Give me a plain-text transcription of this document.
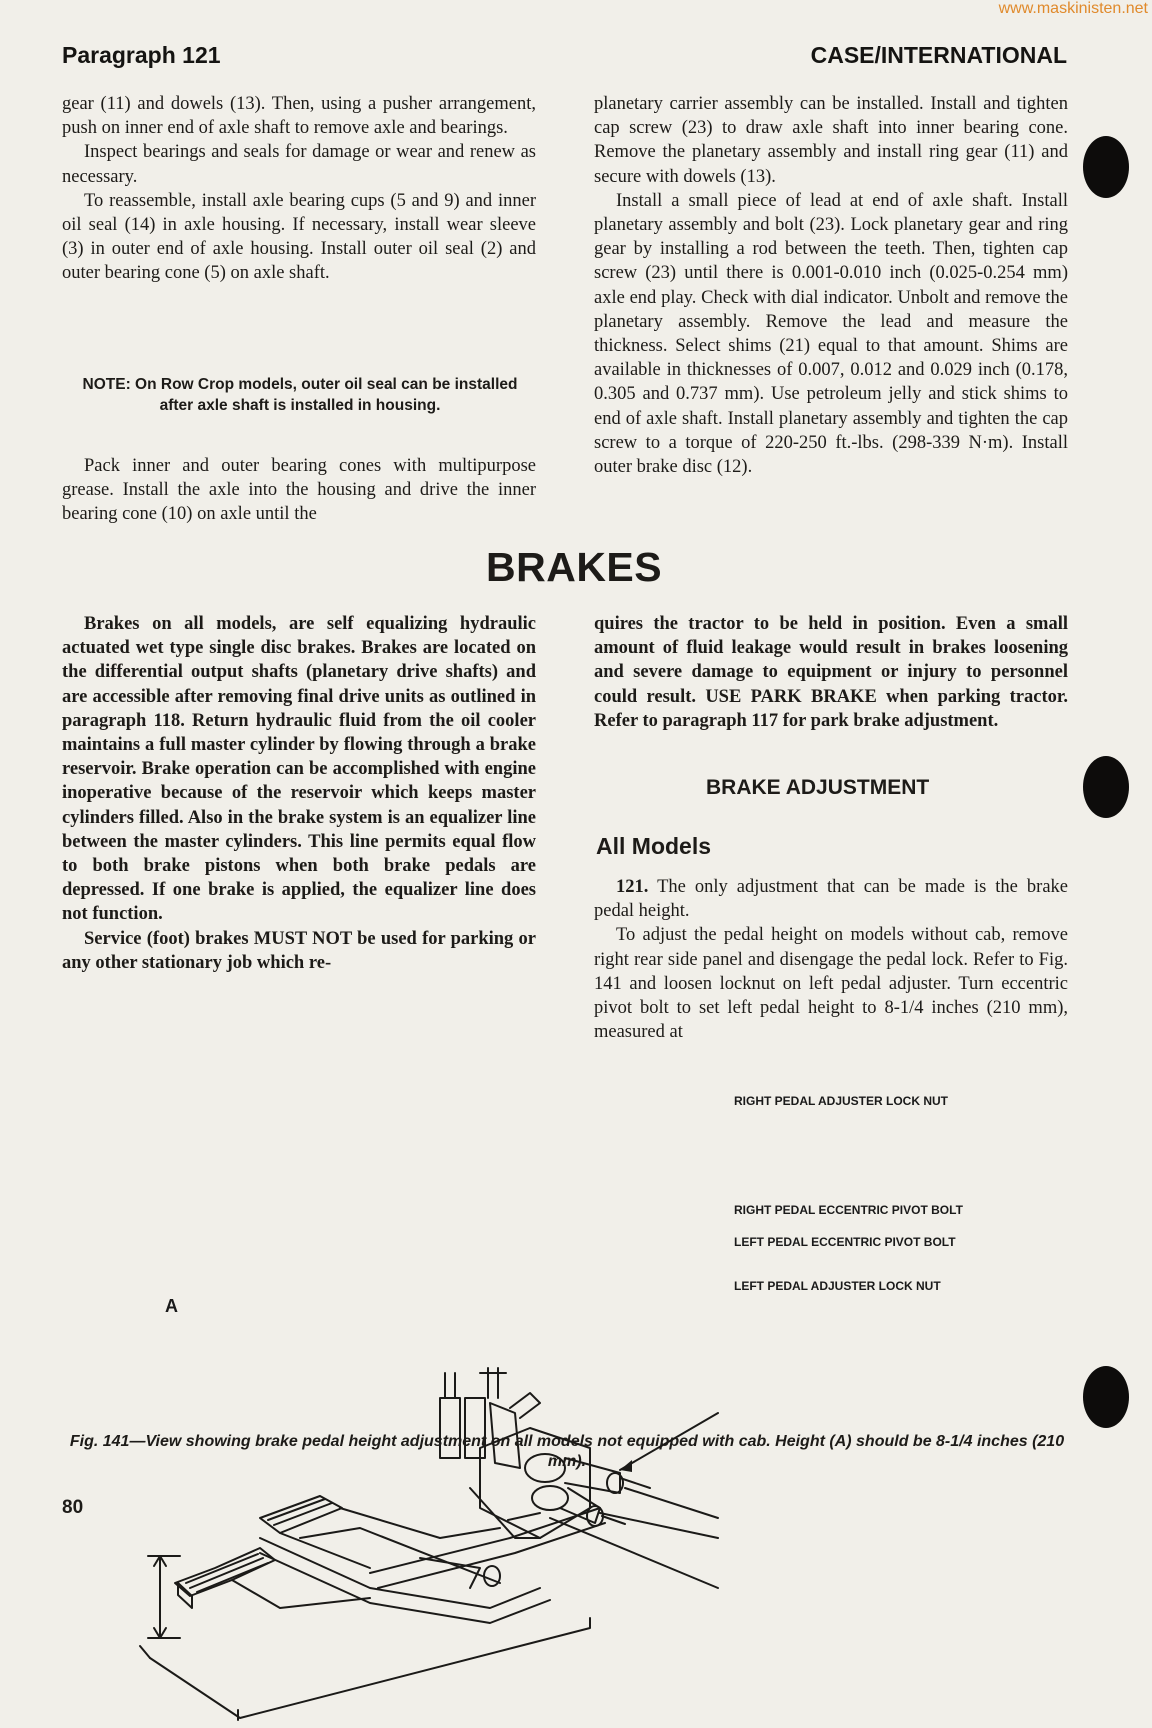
www.maskinisten.net
Paragraph 121	CASE/INTERNATIONAL

gear (11) and dowels (13). Then, using a pusher arrangement, push on inner end of axle shaft to remove axle and bearings.

Inspect bearings and seals for damage or wear and renew as necessary.

To reassemble, install axle bearing cups (5 and 9) and inner oil seal (14) in axle housing. If necessary, install wear sleeve (3) in outer end of axle housing. Install outer oil seal (2) and outer bearing cone (5) on axle shaft.

NOTE: On Row Crop models, outer oil seal can be installed after axle shaft is installed in housing.

Pack inner and outer bearing cones with multipurpose grease. Install the axle into the housing and drive the inner bearing cone (10) on axle until the

planetary carrier assembly can be installed. Install and tighten cap screw (23) to draw axle shaft into inner bearing cone. Remove the planetary assembly and install ring gear (11) and secure with dowels (13).

Install a small piece of lead at end of axle shaft. Install planetary assembly and bolt (23). Lock planetary gear and ring gear by installing a rod between the teeth. Then, tighten cap screw (23) until there is 0.001-0.010 inch (0.025-0.254 mm) axle end play. Check with dial indicator. Unbolt and remove the planetary assembly. Remove the lead and measure the thickness. Select shims (21) equal to that amount. Shims are available in thicknesses of 0.007, 0.012 and 0.029 inch (0.178, 0.305 and 0.737 mm). Use petroleum jelly and stick shims to end of axle shaft. Install planetary assembly and tighten the cap screw to a torque of 220-250 ft.-lbs. (298-339 N·m). Install outer brake disc (12).

BRAKES

Brakes on all models, are self equalizing hydraulic actuated wet type single disc brakes. Brakes are located on the differential output shafts (planetary drive shafts) and are accessible after removing final drive units as outlined in paragraph 118. Return hydraulic fluid from the oil cooler maintains a full master cylinder by flowing through a brake reservoir. Brake operation can be accomplished with engine inoperative because of the reservoir which keeps master cylinders filled. Also in the brake system is an equalizer line between the master cylinders. This line permits equal flow to both brake pistons when both brake pedals are depressed. If one brake is applied, the equalizer line does not function.

Service (foot) brakes MUST NOT be used for parking or any other stationary job which re-

quires the tractor to be held in position. Even a small amount of fluid leakage would result in brakes loosening and severe damage to equipment or injury to personnel could result. USE PARK BRAKE when parking tractor. Refer to paragraph 117 for park brake adjustment.

BRAKE ADJUSTMENT
All Models

121. The only adjustment that can be made is the brake pedal height.

To adjust the pedal height on models without cab, remove right rear side panel and disengage the pedal lock. Refer to Fig. 141 and loosen locknut on left pedal adjuster. Turn eccentric pivot bolt to set left pedal height to 8-1/4 inches (210 mm), measured at

RIGHT PEDAL ADJUSTER LOCK NUT
RIGHT PEDAL ECCENTRIC PIVOT BOLT
LEFT PEDAL ECCENTRIC PIVOT BOLT
LEFT PEDAL ADJUSTER LOCK NUT
A
Fig. 141—View showing brake pedal height adjustment on all models not equipped with cab. Height (A) should be 8-1/4 inches (210 mm).
80
